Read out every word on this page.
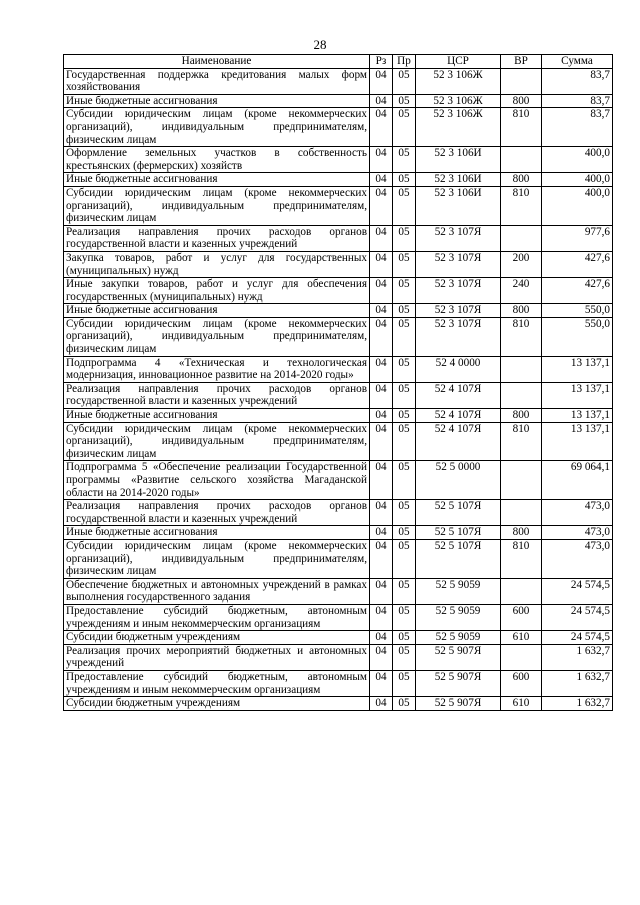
28
Наименование	Рз	Пр	ЦСР	ВР	Сумма
Государственная поддержка кредитования малых форм хозяйствования	04	05	52 3 106Ж		83,7
Иные бюджетные ассигнования	04	05	52 3 106Ж	800	83,7
Субсидии юридическим лицам (кроме некоммерческих организаций), индивидуальным предпринимателям, физическим лицам	04	05	52 3 106Ж	810	83,7
Оформление земельных участков в собственность крестьянских (фермерских) хозяйств	04	05	52 3 106И		400,0
Иные бюджетные ассигнования	04	05	52 3 106И	800	400,0
Субсидии юридическим лицам (кроме некоммерческих организаций), индивидуальным предпринимателям, физическим лицам	04	05	52 3 106И	810	400,0
Реализация направления прочих расходов органов государственной власти и казенных учреждений	04	05	52 3 107Я		977,6
Закупка товаров, работ и услуг для государственных (муниципальных) нужд	04	05	52 3 107Я	200	427,6
Иные закупки товаров, работ и услуг для обеспечения государственных (муниципальных) нужд	04	05	52 3 107Я	240	427,6
Иные бюджетные ассигнования	04	05	52 3 107Я	800	550,0
Субсидии юридическим лицам (кроме некоммерческих организаций), индивидуальным предпринимателям, физическим лицам	04	05	52 3 107Я	810	550,0
Подпрограмма 4 «Техническая и технологическая модернизация, инновационное развитие на 2014-2020 годы»	04	05	52 4 0000		13 137,1
Реализация направления прочих расходов органов государственной власти и казенных учреждений	04	05	52 4 107Я		13 137,1
Иные бюджетные ассигнования	04	05	52 4 107Я	800	13 137,1
Субсидии юридическим лицам (кроме некоммерческих организаций), индивидуальным предпринимателям, физическим лицам	04	05	52 4 107Я	810	13 137,1
Подпрограмма 5 «Обеспечение реализации Государственной программы «Развитие сельского хозяйства Магаданской области на 2014-2020 годы»	04	05	52 5 0000		69 064,1
Реализация направления прочих расходов органов государственной власти и казенных учреждений	04	05	52 5 107Я		473,0
Иные бюджетные ассигнования	04	05	52 5 107Я	800	473,0
Субсидии юридическим лицам (кроме некоммерческих организаций), индивидуальным предпринимателям, физическим лицам	04	05	52 5 107Я	810	473,0
Обеспечение бюджетных и автономных учреждений в рамках выполнения государственного задания	04	05	52 5 9059		24 574,5
Предоставление субсидий бюджетным, автономным учреждениям и иным некоммерческим организациям	04	05	52 5 9059	600	24 574,5
Субсидии бюджетным учреждениям	04	05	52 5 9059	610	24 574,5
Реализация прочих мероприятий бюджетных и автономных учреждений	04	05	52 5 907Я		1 632,7
Предоставление субсидий бюджетным, автономным учреждениям и иным некоммерческим организациям	04	05	52 5 907Я	600	1 632,7
Субсидии бюджетным учреждениям	04	05	52 5 907Я	610	1 632,7
